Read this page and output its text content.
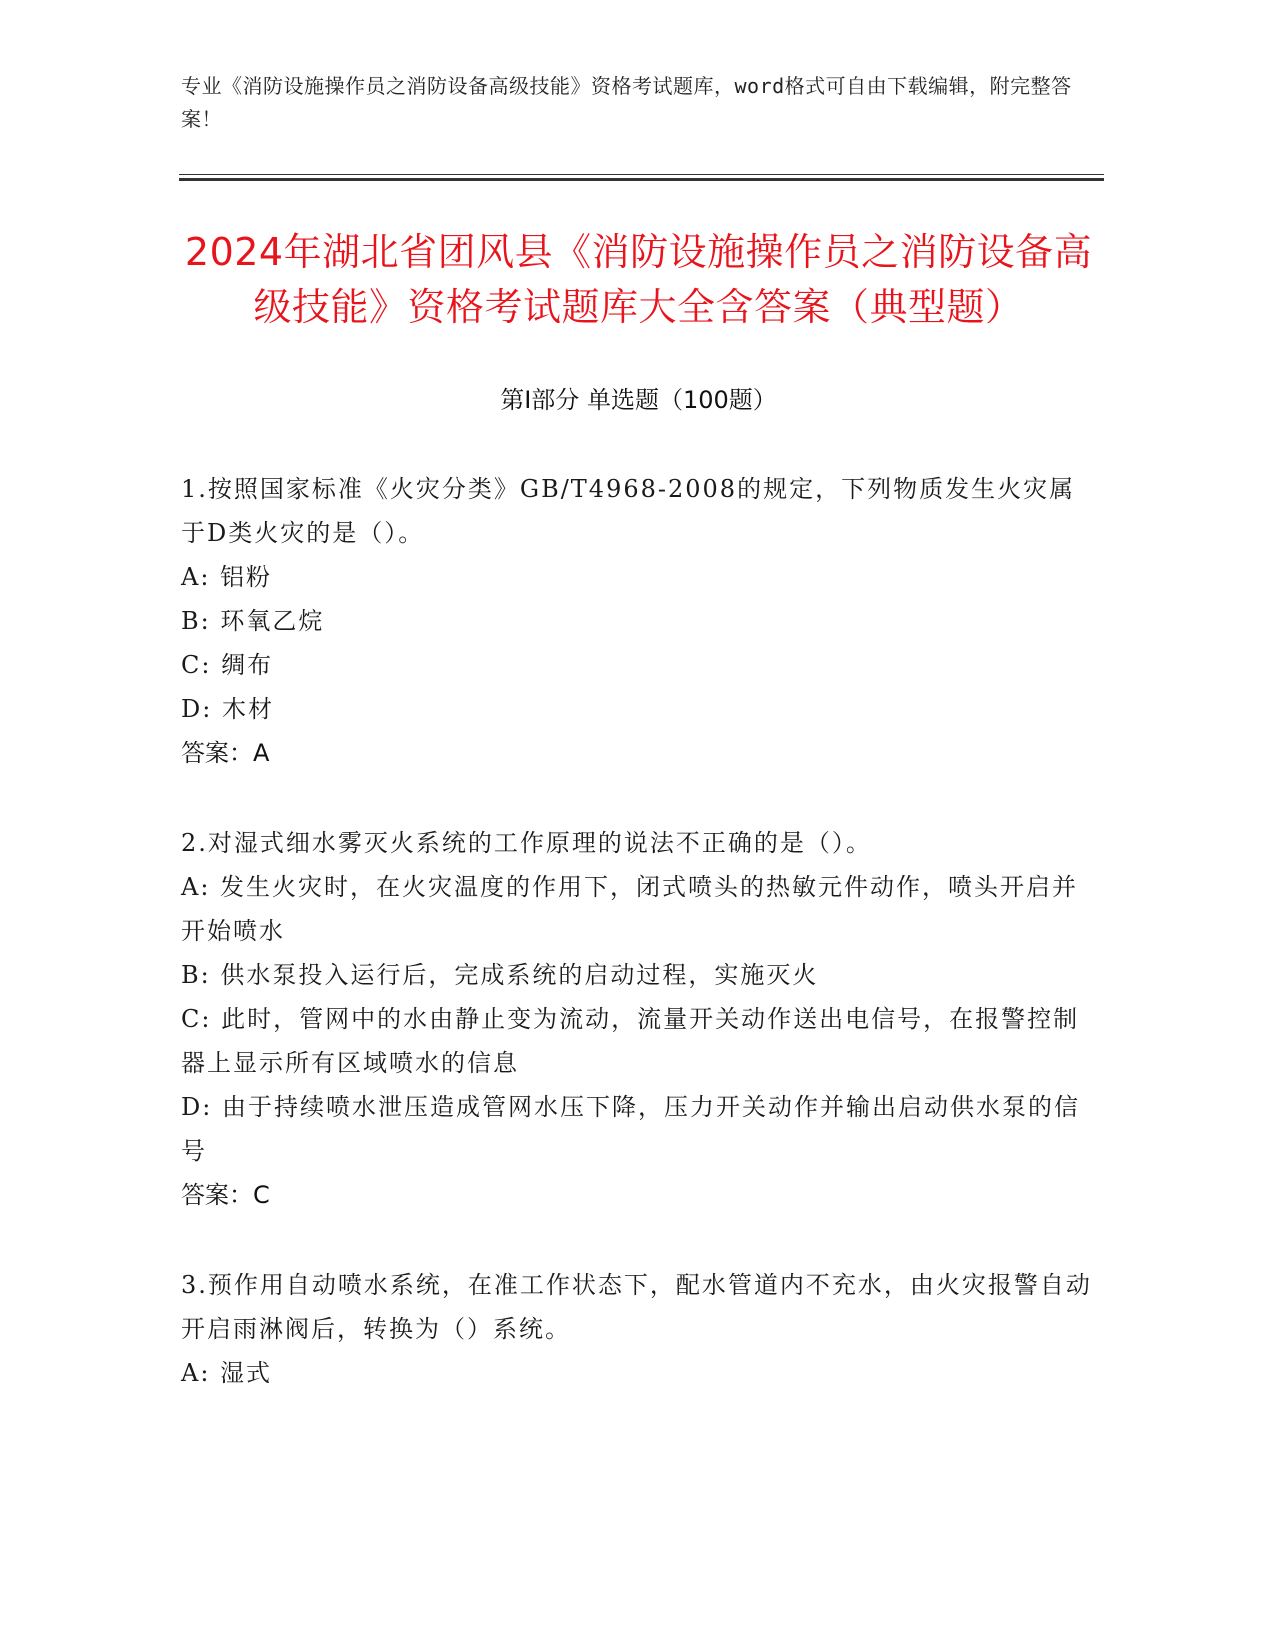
专业《消防设施操作员之消防设备高级技能》资格考试题库，word格式可自由下载编辑，附完整答案！
2024年湖北省团风县《消防设施操作员之消防设备高级技能》资格考试题库大全含答案（典型题）
第I部分 单选题（100题）

1.按照国家标准《火灾分类》GB/T4968-2008的规定，下列物质发生火灾属于D类火灾的是（）。

A: 铝粉

B: 环氧乙烷

C: 绸布

D: 木材

答案：A

2.对湿式细水雾灭火系统的工作原理的说法不正确的是（）。

A: 发生火灾时，在火灾温度的作用下，闭式喷头的热敏元件动作，喷头开启并开始喷水

B: 供水泵投入运行后，完成系统的启动过程，实施灭火

C: 此时，管网中的水由静止变为流动，流量开关动作送出电信号，在报警控制器上显示所有区域喷水的信息

D: 由于持续喷水泄压造成管网水压下降，压力开关动作并输出启动供水泵的信号

答案：C

3.预作用自动喷水系统，在准工作状态下，配水管道内不充水，由火灾报警自动开启雨淋阀后，转换为（）系统。

A: 湿式
